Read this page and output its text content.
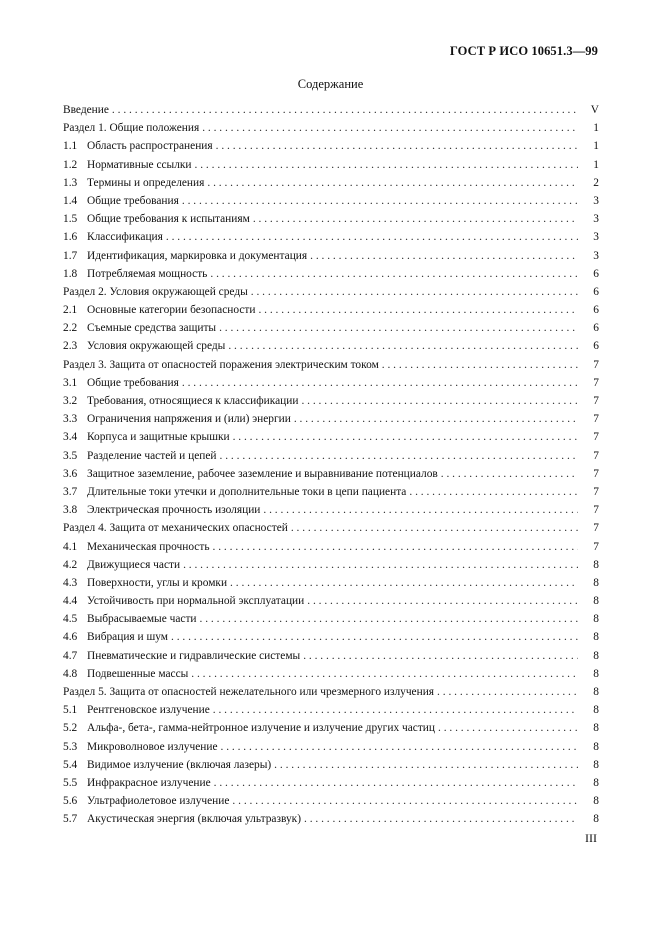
ГОСТ Р ИСО 10651.3—99
Содержание
Введение . . .	V
Раздел 1. Общие положения . . .	1
1.1 Область распространения . . .	1
1.2 Нормативные ссылки . . .	1
1.3 Термины и определения . . .	2
1.4 Общие требования . . .	3
1.5 Общие требования к испытаниям . . .	3
1.6 Классификация . . .	3
1.7 Идентификация, маркировка и документация . . .	3
1.8 Потребляемая мощность . . .	6
Раздел 2. Условия окружающей среды . . .	6
2.1 Основные категории безопасности . . .	6
2.2 Съемные средства защиты . . .	6
2.3 Условия окружающей среды . . .	6
Раздел 3. Защита от опасностей поражения электрическим током . . .	7
3.1 Общие требования . . .	7
3.2 Требования, относящиеся к классификации . . .	7
3.3 Ограничения напряжения и (или) энергии . . .	7
3.4 Корпуса и защитные крышки . . .	7
3.5 Разделение частей и цепей . . .	7
3.6 Защитное заземление, рабочее заземление и выравнивание потенциалов . . .	7
3.7 Длительные токи утечки и дополнительные токи в цепи пациента . . .	7
3.8 Электрическая прочность изоляции . . .	7
Раздел 4. Защита от механических опасностей . . .	7
4.1 Механическая прочность . . .	7
4.2 Движущиеся части . . .	8
4.3 Поверхности, углы и кромки . . .	8
4.4 Устойчивость при нормальной эксплуатации . . .	8
4.5 Выбрасываемые части . . .	8
4.6 Вибрация и шум . . .	8
4.7 Пневматические и гидравлические системы . . .	8
4.8 Подвешенные массы . . .	8
Раздел 5. Защита от опасностей нежелательного или чрезмерного излучения . . .	8
5.1 Рентгеновское излучение . . .	8
5.2 Альфа-, бета-, гамма-нейтронное излучение и излучение других частиц . . .	8
5.3 Микроволновое излучение . . .	8
5.4 Видимое излучение (включая лазеры) . . .	8
5.5 Инфракрасное излучение . . .	8
5.6 Ультрафиолетовое излучение . . .	8
5.7 Акустическая энергия (включая ультразвук) . . .	8
III
